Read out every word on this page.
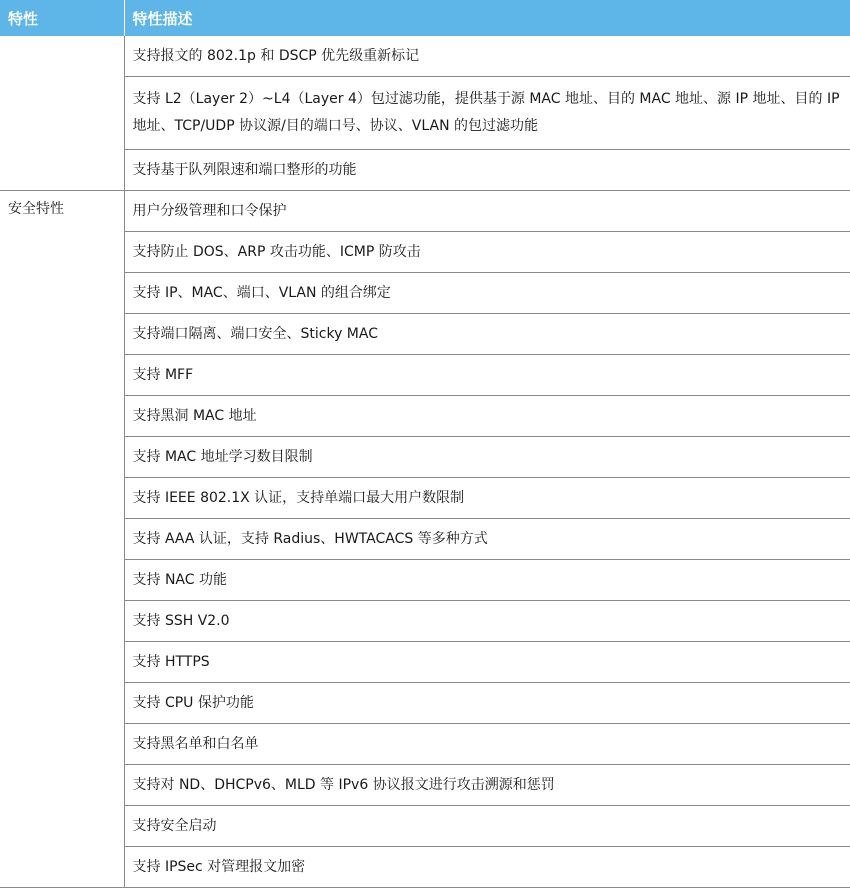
特性	特性描述
	支持报文的 802.1p 和 DSCP 优先级重新标记
	支持 L2（Layer 2）~L4（Layer 4）包过滤功能，提供基于源 MAC 地址、目的 MAC 地址、源 IP 地址、目的 IP 地址、TCP/UDP 协议源/目的端口号、协议、VLAN 的包过滤功能
	支持基于队列限速和端口整形的功能
安全特性	用户分级管理和口令保护
	支持防止 DOS、ARP 攻击功能、ICMP 防攻击
	支持 IP、MAC、端口、VLAN 的组合绑定
	支持端口隔离、端口安全、Sticky MAC
	支持 MFF
	支持黑洞 MAC 地址
	支持 MAC 地址学习数目限制
	支持 IEEE 802.1X 认证，支持单端口最大用户数限制
	支持 AAA 认证，支持 Radius、HWTACACS 等多种方式
	支持 NAC 功能
	支持 SSH V2.0
	支持 HTTPS
	支持 CPU 保护功能
	支持黑名单和白名单
	支持对 ND、DHCPv6、MLD 等 IPv6 协议报文进行攻击溯源和惩罚
	支持安全启动
	支持 IPSec 对管理报文加密
